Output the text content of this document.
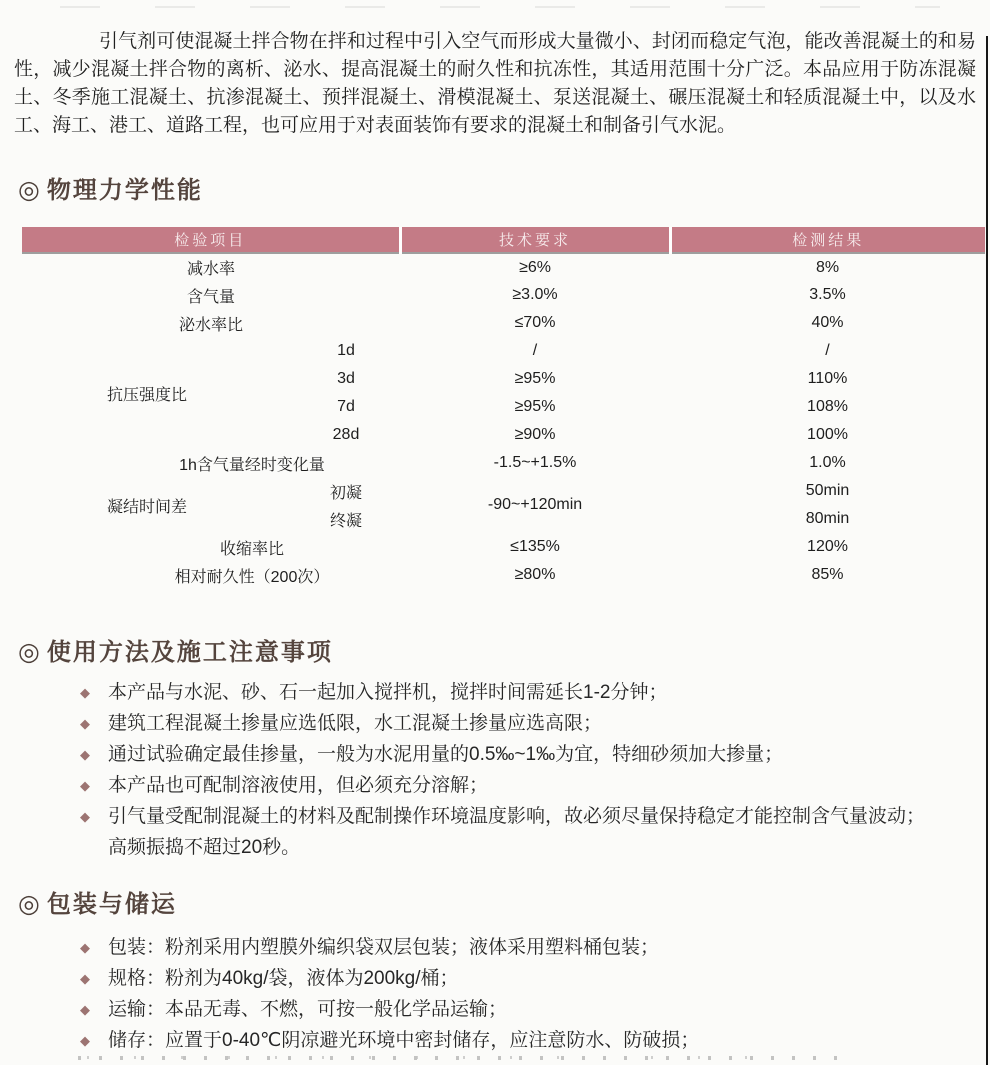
引气剂可使混凝土拌合物在拌和过程中引入空气而形成大量微小、封闭而稳定气泡，能改善混凝土的和易性，减少混凝土拌合物的离析、泌水、提高混凝土的耐久性和抗冻性，其适用范围十分广泛。本品应用于防冻混凝土、冬季施工混凝土、抗渗混凝土、预拌混凝土、滑模混凝土、泵送混凝土、碾压混凝土和轻质混凝土中，以及水工、海工、港工、道路工程，也可应用于对表面装饰有要求的混凝土和制备引气水泥。

◎ 物理力学性能
检验项目		技术要求	检测结果
减水率		≥6%	8%
含气量		≥3.0%	3.5%
泌水率比		≤70%	40%
抗压强度比	1d	/	/
	3d	≥95%	110%
	7d	≥95%	108%
	28d	≥90%	100%
1h含气量经时变化量		-1.5~+1.5%	1.0%
凝结时间差	初凝	-90~+120min	50min
	终凝		80min
收缩率比		≤135%	120%
相对耐久性（200次）		≥80%	85%
◎ 使用方法及施工注意事项
◆ 本产品与水泥、砂、石一起加入搅拌机，搅拌时间需延长1-2分钟；
◆ 建筑工程混凝土掺量应选低限，水工混凝土掺量应选高限；
◆ 通过试验确定最佳掺量，一般为水泥用量的0.5‰~1‰为宜，特细砂须加大掺量；
◆ 本产品也可配制溶液使用，但必须充分溶解；
◆ 引气量受配制混凝土的材料及配制操作环境温度影响，故必须尽量保持稳定才能控制含气量波动；
高频振捣不超过20秒。
◎ 包装与储运
◆ 包装：粉剂采用内塑膜外编织袋双层包装；液体采用塑料桶包装；
◆ 规格：粉剂为40kg/袋，液体为200kg/桶；
◆ 运输：本品无毒、不燃，可按一般化学品运输；
◆ 储存：应置于0-40℃阴凉避光环境中密封储存，应注意防水、防破损；
